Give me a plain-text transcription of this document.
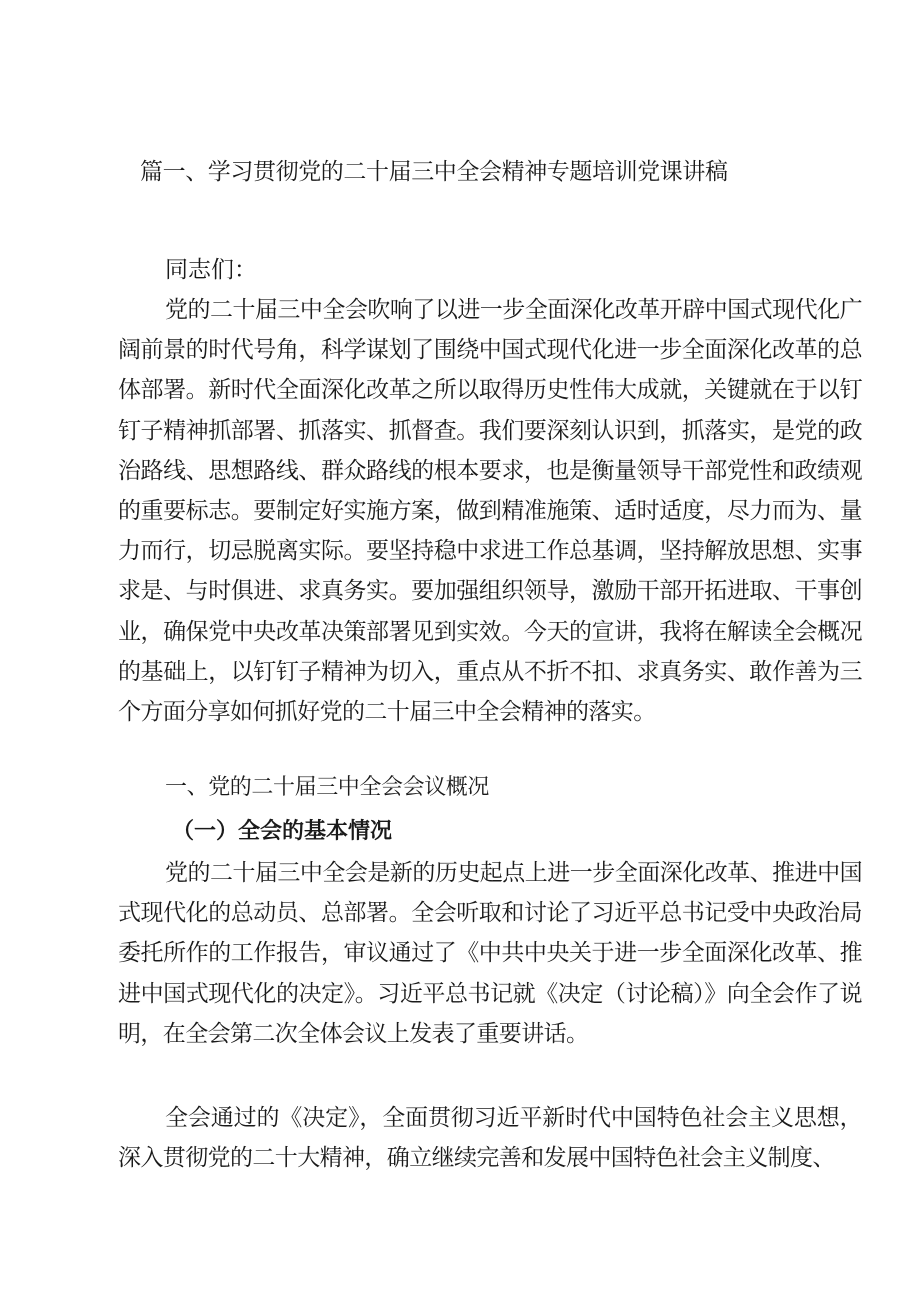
篇一、学习贯彻党的二十届三中全会精神专题培训党课讲稿

同志们：

党的二十届三中全会吹响了以进一步全面深化改革开辟中国式现代化广阔前景的时代号角，科学谋划了围绕中国式现代化进一步全面深化改革的总体部署。新时代全面深化改革之所以取得历史性伟大成就，关键就在于以钉钉子精神抓部署、抓落实、抓督查。我们要深刻认识到，抓落实，是党的政治路线、思想路线、群众路线的根本要求，也是衡量领导干部党性和政绩观的重要标志。要制定好实施方案，做到精准施策、适时适度，尽力而为、量力而行，切忌脱离实际。要坚持稳中求进工作总基调，坚持解放思想、实事求是、与时俱进、求真务实。要加强组织领导，激励干部开拓进取、干事创业，确保党中央改革决策部署见到实效。今天的宣讲，我将在解读全会概况的基础上，以钉钉子精神为切入，重点从不折不扣、求真务实、敢作善为三个方面分享如何抓好党的二十届三中全会精神的落实。

一、党的二十届三中全会会议概况
（一）全会的基本情况

党的二十届三中全会是新的历史起点上进一步全面深化改革、推进中国式现代化的总动员、总部署。全会听取和讨论了习近平总书记受中央政治局委托所作的工作报告，审议通过了《中共中央关于进一步全面深化改革、推进中国式现代化的决定》。习近平总书记就《决定（讨论稿）》向全会作了说明，在全会第二次全体会议上发表了重要讲话。

全会通过的《决定》，全面贯彻习近平新时代中国特色社会主义思想，深入贯彻党的二十大精神，确立继续完善和发展中国特色社会主义制度、
